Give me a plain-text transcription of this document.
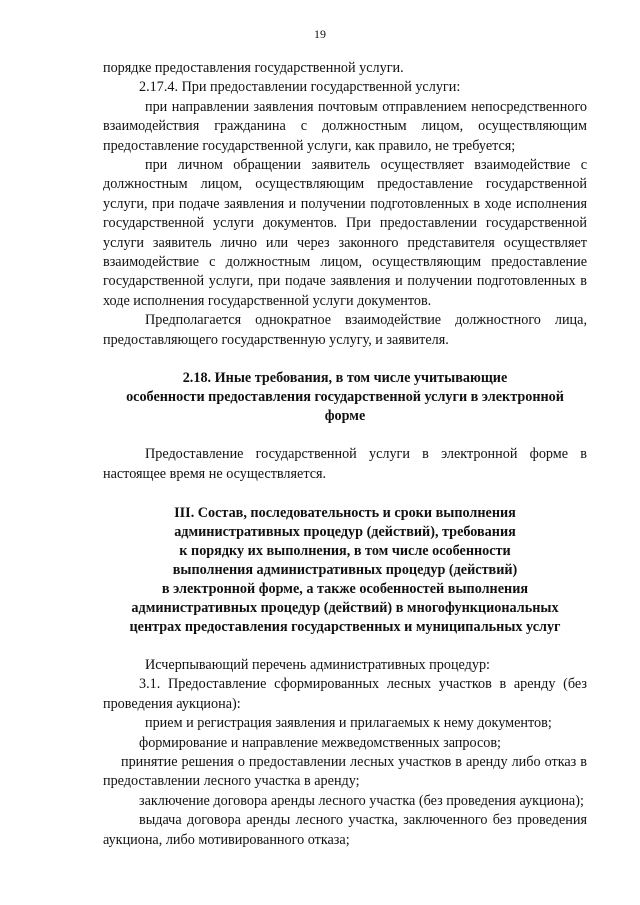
19

порядке предоставления государственной услуги.

2.17.4. При предоставлении государственной услуги:

при направлении заявления почтовым отправлением непосредственного взаимодействия гражданина с должностным лицом, осуществляющим предоставление государственной услуги, как правило, не требуется;

при личном обращении заявитель осуществляет взаимодействие с должностным лицом, осуществляющим предоставление государственной услуги, при подаче заявления и получении подготовленных в ходе исполнения государственной услуги документов. При предоставлении государственной услуги заявитель лично или через законного представителя осуществляет взаимодействие с должностным лицом, осуществляющим предоставление государственной услуги, при подаче заявления и получении подготовленных в ходе исполнения государственной услуги документов.

Предполагается однократное взаимодействие должностного лица, предоставляющего государственную услугу, и заявителя.

2.18. Иные требования, в том числе учитывающие
особенности предоставления государственной услуги в электронной
форме

Предоставление государственной услуги в электронной форме в настоящее время не осуществляется.

III. Состав, последовательность и сроки выполнения
административных процедур (действий), требования
к порядку их выполнения, в том числе особенности
выполнения административных процедур (действий)
в электронной форме, а также особенностей выполнения
административных процедур (действий) в многофункциональных
центрах предоставления государственных и муниципальных услуг

Исчерпывающий перечень административных процедур:

3.1. Предоставление сформированных лесных участков в аренду (без проведения аукциона):

прием и регистрация заявления и прилагаемых к нему документов;

формирование и направление межведомственных запросов;

принятие решения о предоставлении лесных участков в аренду либо отказ в предоставлении лесного участка в аренду;

заключение договора аренды лесного участка (без проведения аукциона);

выдача договора аренды лесного участка, заключенного без проведения аукциона, либо мотивированного отказа;
